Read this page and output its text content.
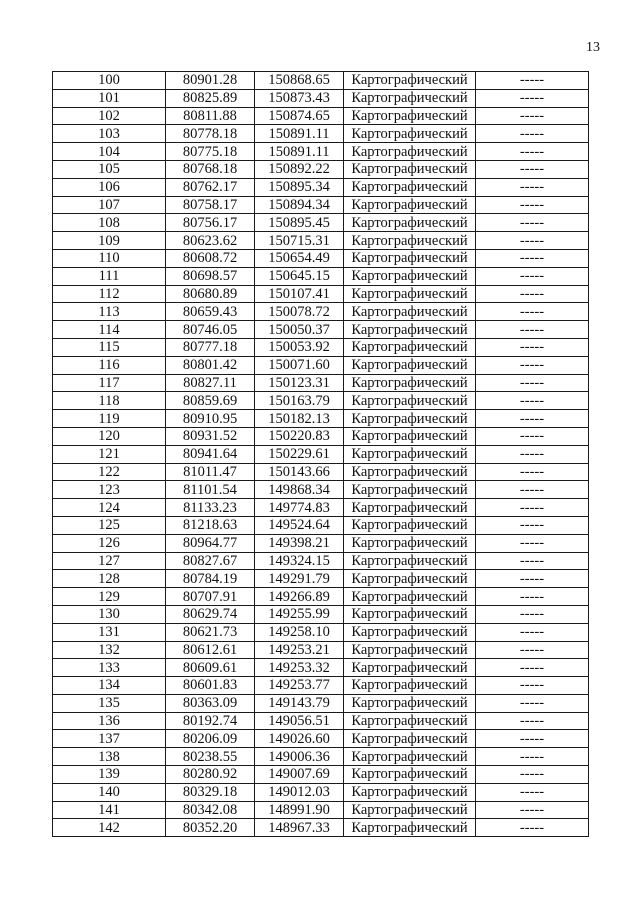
13
100	80901.28	150868.65	Картографический	-----
101	80825.89	150873.43	Картографический	-----
102	80811.88	150874.65	Картографический	-----
103	80778.18	150891.11	Картографический	-----
104	80775.18	150891.11	Картографический	-----
105	80768.18	150892.22	Картографический	-----
106	80762.17	150895.34	Картографический	-----
107	80758.17	150894.34	Картографический	-----
108	80756.17	150895.45	Картографический	-----
109	80623.62	150715.31	Картографический	-----
110	80608.72	150654.49	Картографический	-----
111	80698.57	150645.15	Картографический	-----
112	80680.89	150107.41	Картографический	-----
113	80659.43	150078.72	Картографический	-----
114	80746.05	150050.37	Картографический	-----
115	80777.18	150053.92	Картографический	-----
116	80801.42	150071.60	Картографический	-----
117	80827.11	150123.31	Картографический	-----
118	80859.69	150163.79	Картографический	-----
119	80910.95	150182.13	Картографический	-----
120	80931.52	150220.83	Картографический	-----
121	80941.64	150229.61	Картографический	-----
122	81011.47	150143.66	Картографический	-----
123	81101.54	149868.34	Картографический	-----
124	81133.23	149774.83	Картографический	-----
125	81218.63	149524.64	Картографический	-----
126	80964.77	149398.21	Картографический	-----
127	80827.67	149324.15	Картографический	-----
128	80784.19	149291.79	Картографический	-----
129	80707.91	149266.89	Картографический	-----
130	80629.74	149255.99	Картографический	-----
131	80621.73	149258.10	Картографический	-----
132	80612.61	149253.21	Картографический	-----
133	80609.61	149253.32	Картографический	-----
134	80601.83	149253.77	Картографический	-----
135	80363.09	149143.79	Картографический	-----
136	80192.74	149056.51	Картографический	-----
137	80206.09	149026.60	Картографический	-----
138	80238.55	149006.36	Картографический	-----
139	80280.92	149007.69	Картографический	-----
140	80329.18	149012.03	Картографический	-----
141	80342.08	148991.90	Картографический	-----
142	80352.20	148967.33	Картографический	-----
